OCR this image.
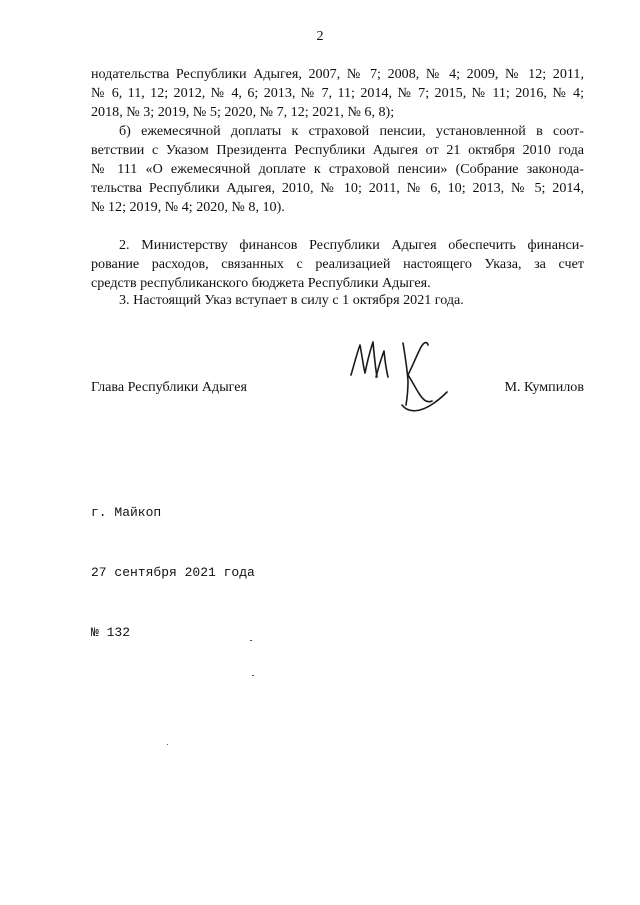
2
нодательства Республики Адыгея, 2007, № 7; 2008, № 4; 2009, № 12; 2011,
№ 6, 11, 12; 2012, № 4, 6; 2013, № 7, 11; 2014, № 7; 2015, № 11; 2016, № 4;
2018, № 3; 2019, № 5; 2020, № 7, 12; 2021, № 6, 8);
б) ежемесячной доплаты к страховой пенсии, установленной в соот-
ветствии с Указом Президента Республики Адыгея от 21 октября 2010 года
№ 111 «О ежемесячной доплате к страховой пенсии» (Собрание законода-
тельства Республики Адыгея, 2010, № 10; 2011, № 6, 10; 2013, № 5; 2014,
№ 12; 2019, № 4; 2020, № 8, 10).
2. Министерству финансов Республики Адыгея обеспечить финанси-
рование расходов, связанных с реализацией настоящего Указа, за счет
средств республиканского бюджета Республики Адыгея.
3. Настоящий Указ вступает в силу с 1 октября 2021 года.
Глава Республики Адыгея	М. Кумпилов

г. Майкоп

27 сентября 2021 года

№ 132
